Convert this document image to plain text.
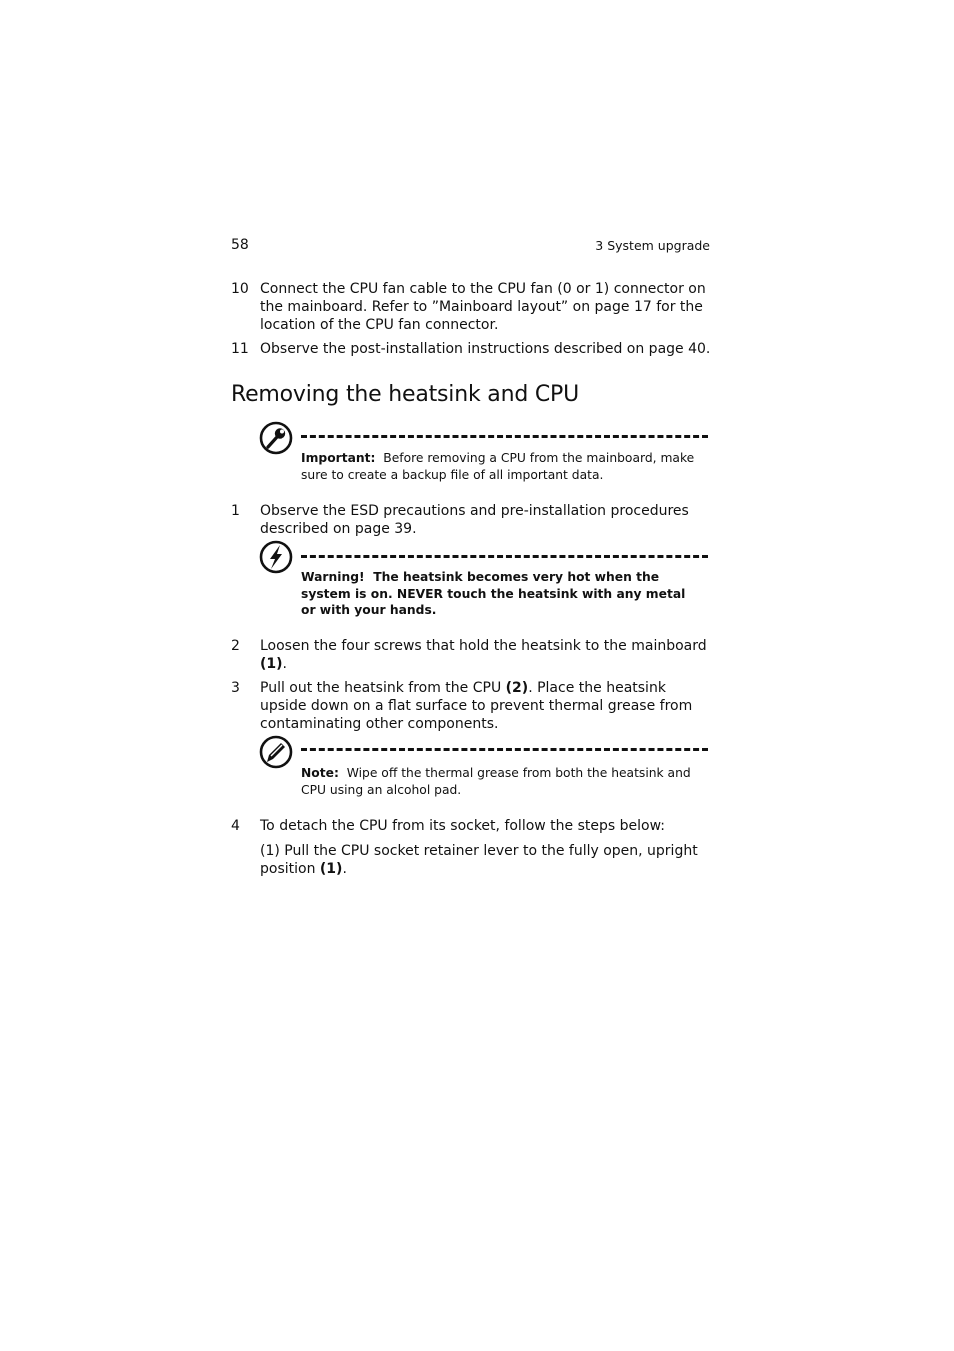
58	3 System upgrade
10 Connect the CPU fan cable to the CPU fan (0 or 1) connector on the mainboard. Refer to ”Mainboard layout” on page 17 for the location of the CPU fan connector.
11 Observe the post-installation instructions described on page 40.
Removing the heatsink and CPU
Important: Before removing a CPU from the mainboard, make sure to create a backup file of all important data.
1 Observe the ESD precautions and pre-installation procedures described on page 39.
Warning! The heatsink becomes very hot when the system is on. NEVER touch the heatsink with any metal or with your hands.
2 Loosen the four screws that hold the heatsink to the mainboard (1).
3 Pull out the heatsink from the CPU (2). Place the heatsink upside down on a flat surface to prevent thermal grease from contaminating other components.
Note: Wipe off the thermal grease from both the heatsink and CPU using an alcohol pad.
4 To detach the CPU from its socket, follow the steps below:
(1) Pull the CPU socket retainer lever to the fully open, upright position (1).
